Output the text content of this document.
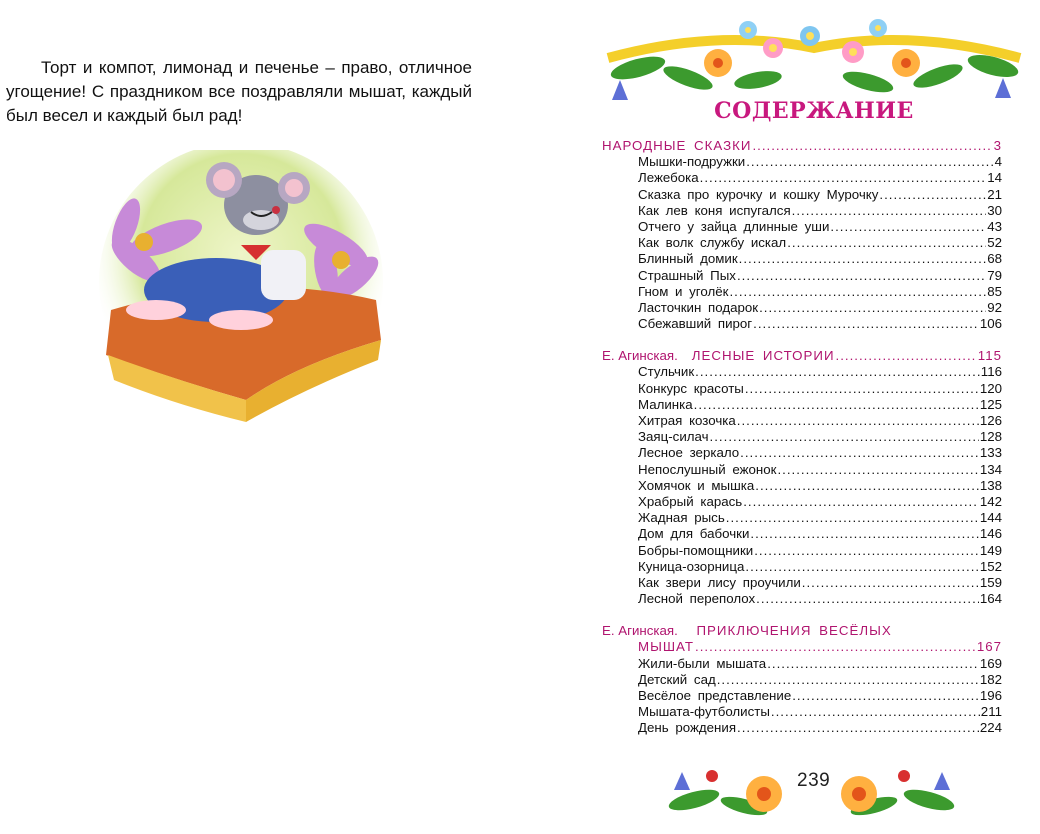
Торт и компот, лимонад и печенье – право, отличное угощение! С праздником все поздравляли мышат, каждый был весел и каждый был рад!	СОДЕРЖАНИЕ
НАРОДНЫЕ СКАЗКИ .....	3
Мышки-подружки .....	4
Лежебока .....	14
Сказка про курочку и кошку Мурочку .....	21
Как лев коня испугался .....	30
Отчего у зайца длинные уши .....	43
Как волк службу искал .....	52
Блинный домик .....	68
Страшный Пых .....	79
Гном и уголёк .....	85
Ласточкин подарок .....	92
Сбежавший пирог .....	106
Е. Агинская. ЛЕСНЫЕ ИСТОРИИ .....	115
Стульчик .....	116
Конкурс красоты .....	120
Малинка .....	125
Хитрая козочка .....	126
Заяц-силач .....	128
Лесное зеркало .....	133
Непослушный ежонок .....	134
Хомячок и мышка .....	138
Храбрый карась .....	142
Жадная рысь .....	144
Дом для бабочки .....	146
Бобры-помощники .....	149
Куница-озорница .....	152
Как звери лису проучили .....	159
Лесной переполох .....	164
Е. Агинская. ПРИКЛЮЧЕНИЯ ВЕСЁЛЫХ
МЫШАТ .....	167
Жили-были мышата .....	169
Детский сад .....	182
Весёлое представление .....	196
Мышата-футболисты .....	211
День рождения .....	224
239
